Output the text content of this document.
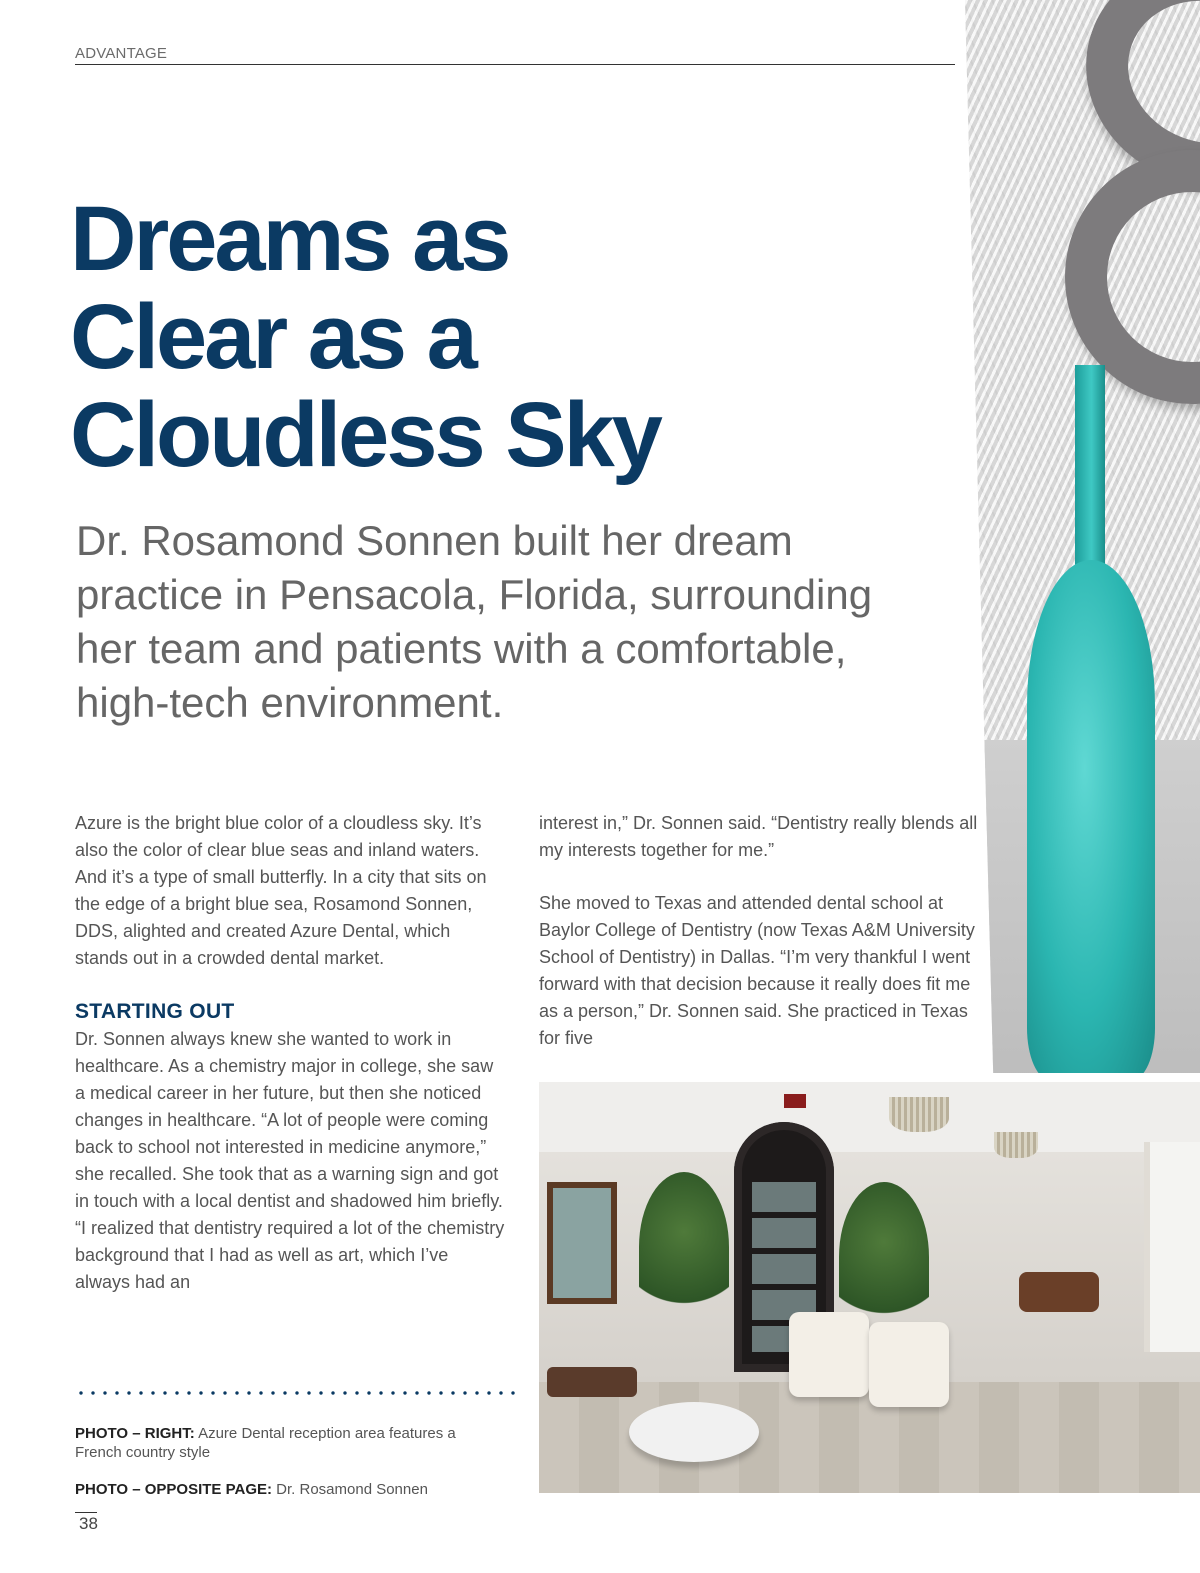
ADVANTAGE
Dreams as
Clear as a
Cloudless Sky

Dr. Rosamond Sonnen built her dream practice in Pensacola, Florida, surrounding her team and patients with a comfortable, high-tech environment.

Azure is the bright blue color of a cloudless sky. It’s also the color of clear blue seas and inland waters. And it’s a type of small butterfly. In a city that sits on the edge of a bright blue sea, Rosamond Sonnen, DDS, alighted and created Azure Dental, which stands out in a crowded dental market.

STARTING OUT

Dr. Sonnen always knew she wanted to work in healthcare. As a chemistry major in college, she saw a medical career in her future, but then she noticed changes in healthcare. “A lot of people were coming back to school not interested in medicine anymore,” she recalled. She took that as a warning sign and got in touch with a local dentist and shadowed him briefly. “I realized that dentistry required a lot of the chemistry background that I had as well as art, which I’ve always had an

interest in,” Dr. Sonnen said. “Dentistry really blends all my interests together for me.”

She moved to Texas and attended dental school at Baylor College of Dentistry (now Texas A&M University School of Dentistry) in Dallas. “I’m very thankful I went forward with that decision because it really does fit me as a person,” Dr. Sonnen said. She practiced in Texas for five

PHOTO – RIGHT: Azure Dental reception area features a French country style

PHOTO – OPPOSITE PAGE: Dr. Rosamond Sonnen

38
